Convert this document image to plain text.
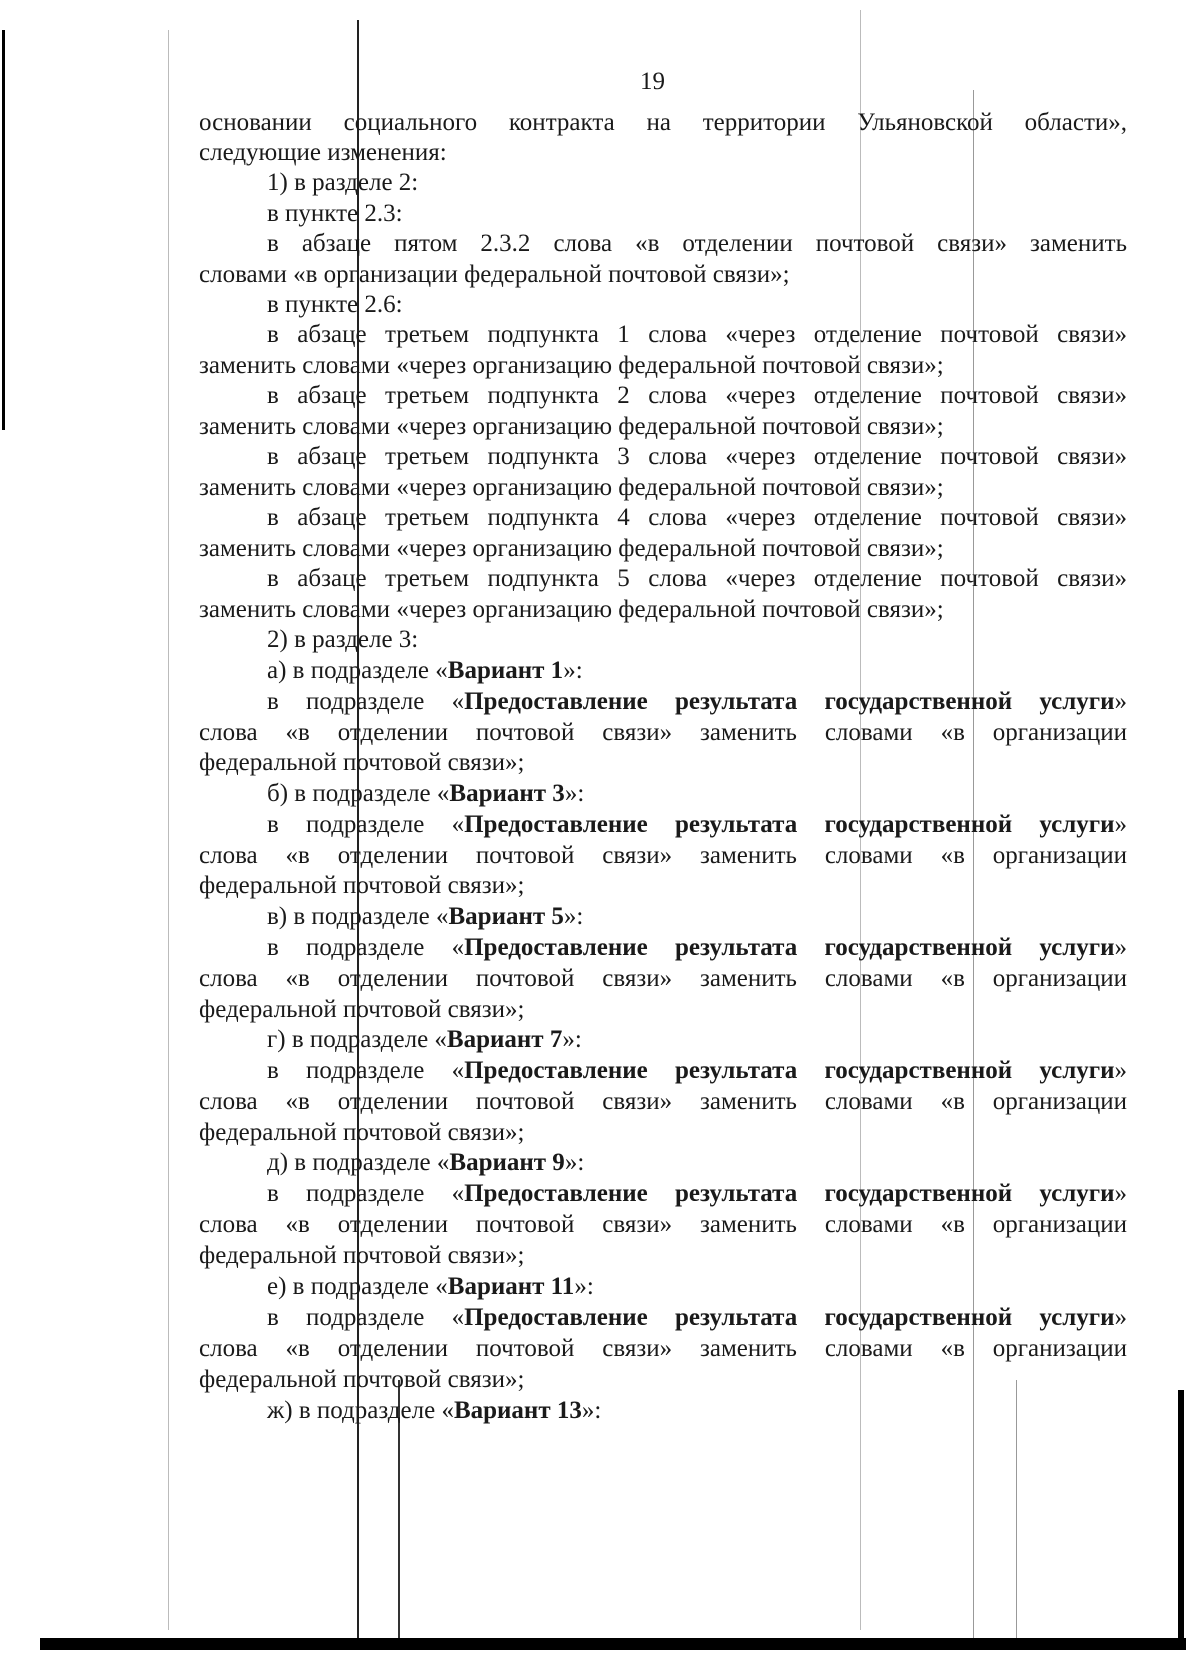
19
основании социального контракта на территории Ульяновской области»,
следующие изменения:
1) в разделе 2:
в пункте 2.3:
в абзаце пятом 2.3.2 слова «в отделении почтовой связи» заменить
словами «в организации федеральной почтовой связи»;
в пункте 2.6:
в абзаце третьем подпункта 1 слова «через отделение почтовой связи»
заменить словами «через организацию федеральной почтовой связи»;
в абзаце третьем подпункта 2 слова «через отделение почтовой связи»
заменить словами «через организацию федеральной почтовой связи»;
в абзаце третьем подпункта 3 слова «через отделение почтовой связи»
заменить словами «через организацию федеральной почтовой связи»;
в абзаце третьем подпункта 4 слова «через отделение почтовой связи»
заменить словами «через организацию федеральной почтовой связи»;
в абзаце третьем подпункта 5 слова «через отделение почтовой связи»
заменить словами «через организацию федеральной почтовой связи»;
2) в разделе 3:
а) в подразделе «Вариант 1»:
в подразделе «Предоставление результата государственной услуги»
слова «в отделении почтовой связи» заменить словами «в организации
федеральной почтовой связи»;
б) в подразделе «Вариант 3»:
в подразделе «Предоставление результата государственной услуги»
слова «в отделении почтовой связи» заменить словами «в организации
федеральной почтовой связи»;
в) в подразделе «Вариант 5»:
в подразделе «Предоставление результата государственной услуги»
слова «в отделении почтовой связи» заменить словами «в организации
федеральной почтовой связи»;
г) в подразделе «Вариант 7»:
в подразделе «Предоставление результата государственной услуги»
слова «в отделении почтовой связи» заменить словами «в организации
федеральной почтовой связи»;
д) в подразделе «Вариант 9»:
в подразделе «Предоставление результата государственной услуги»
слова «в отделении почтовой связи» заменить словами «в организации
федеральной почтовой связи»;
е) в подразделе «Вариант 11»:
в подразделе «Предоставление результата государственной услуги»
слова «в отделении почтовой связи» заменить словами «в организации
федеральной почтовой связи»;
ж) в подразделе «Вариант 13»:
